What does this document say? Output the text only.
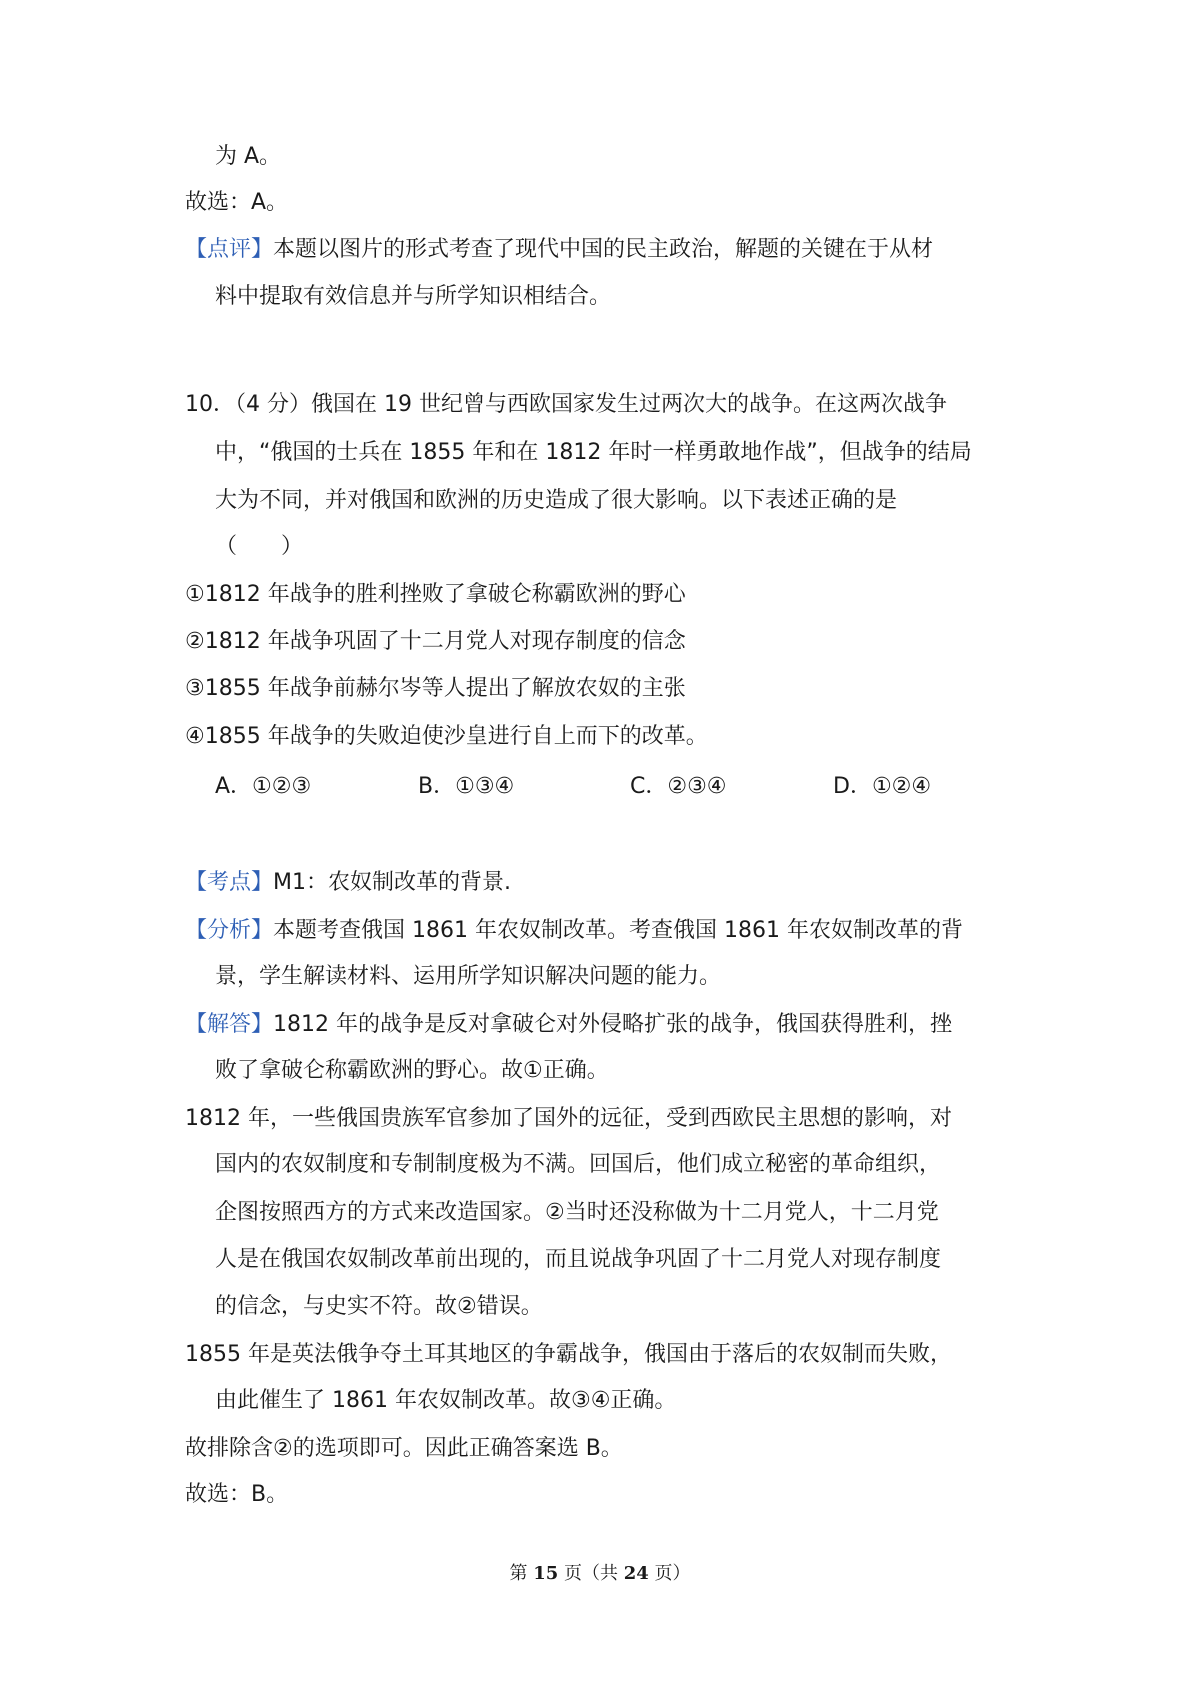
为 A。
故选：A。
【点评】本题以图片的形式考查了现代中国的民主政治，解题的关键在于从材
料中提取有效信息并与所学知识相结合。
10．（4 分）俄国在 19 世纪曾与西欧国家发生过两次大的战争。在这两次战争
中，“俄国的士兵在 1855 年和在 1812 年时一样勇敢地作战”，但战争的结局
大为不同，并对俄国和欧洲的历史造成了很大影响。以下表述正确的是
（　　）
①1812 年战争的胜利挫败了拿破仑称霸欧洲的野心
②1812 年战争巩固了十二月党人对现存制度的信念
③1855 年战争前赫尔岑等人提出了解放农奴的主张
④1855 年战争的失败迫使沙皇进行自上而下的改革。
A．①②③	B．①③④	C．②③④	D．①②④
【考点】M1：农奴制改革的背景.
【分析】本题考查俄国 1861 年农奴制改革。考查俄国 1861 年农奴制改革的背
景，学生解读材料、运用所学知识解决问题的能力。
【解答】1812 年的战争是反对拿破仑对外侵略扩张的战争，俄国获得胜利，挫
败了拿破仑称霸欧洲的野心。故①正确。
1812 年，一些俄国贵族军官参加了国外的远征，受到西欧民主思想的影响，对
国内的农奴制度和专制制度极为不满。回国后，他们成立秘密的革命组织，
企图按照西方的方式来改造国家。②当时还没称做为十二月党人，十二月党
人是在俄国农奴制改革前出现的，而且说战争巩固了十二月党人对现存制度
的信念，与史实不符。故②错误。
1855 年是英法俄争夺土耳其地区的争霸战争，俄国由于落后的农奴制而失败，
由此催生了 1861 年农奴制改革。故③④正确。
故排除含②的选项即可。因此正确答案选 B。
故选：B。
第 15 页（共 24 页）
